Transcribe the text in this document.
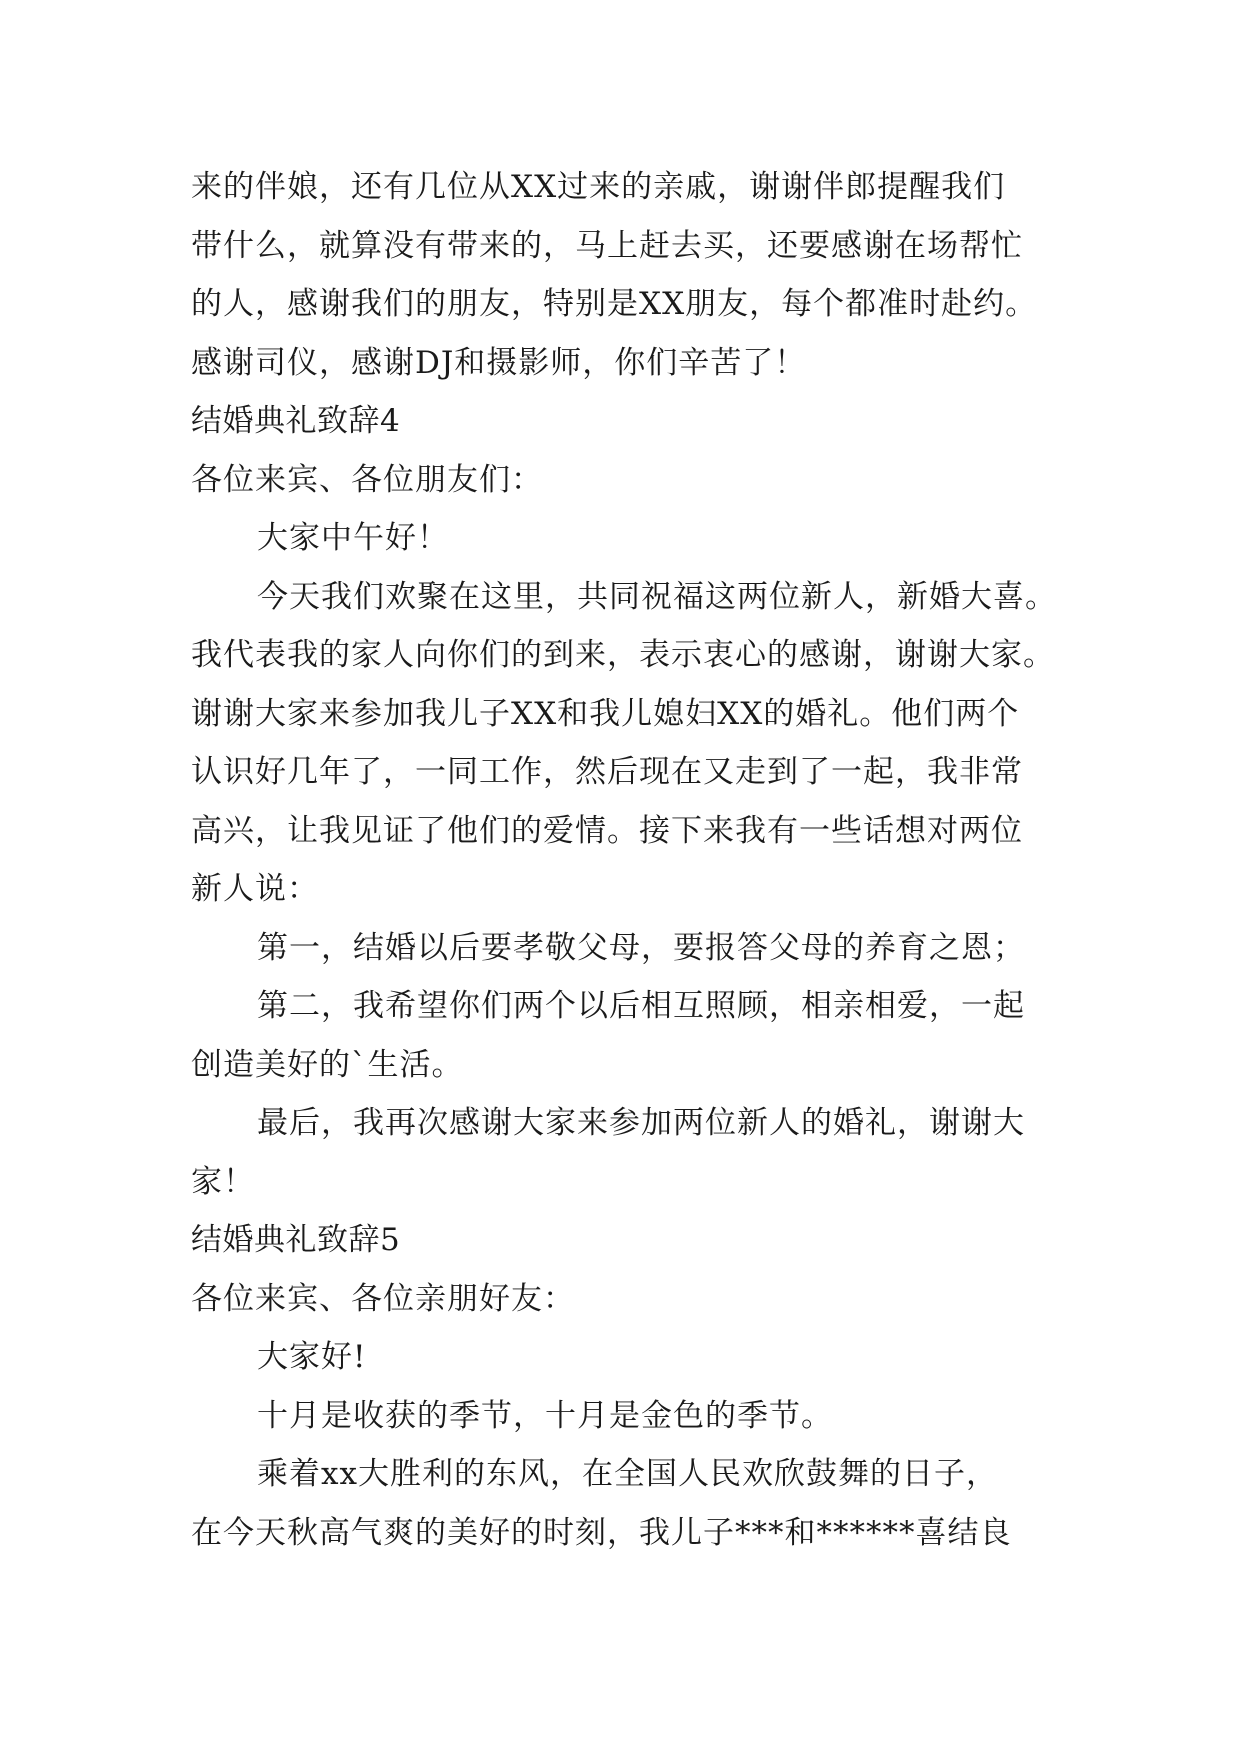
来的伴娘，还有几位从XX过来的亲戚，谢谢伴郎提醒我们
带什么，就算没有带来的，马上赶去买，还要感谢在场帮忙
的人，感谢我们的朋友，特别是XX朋友，每个都准时赴约。
感谢司仪，感谢DJ和摄影师，你们辛苦了！
结婚典礼致辞4
各位来宾、各位朋友们：
大家中午好！
今天我们欢聚在这里，共同祝福这两位新人，新婚大喜。
我代表我的家人向你们的到来，表示衷心的感谢，谢谢大家。
谢谢大家来参加我儿子XX和我儿媳妇XX的婚礼。他们两个
认识好几年了，一同工作，然后现在又走到了一起，我非常
高兴，让我见证了他们的爱情。接下来我有一些话想对两位
新人说：
第一，结婚以后要孝敬父母，要报答父母的养育之恩；
第二，我希望你们两个以后相互照顾，相亲相爱，一起
创造美好的`生活。
最后，我再次感谢大家来参加两位新人的婚礼，谢谢大
家！
结婚典礼致辞5
各位来宾、各位亲朋好友：
大家好!
十月是收获的季节，十月是金色的季节。
乘着xx大胜利的东风，在全国人民欢欣鼓舞的日子，
在今天秋高气爽的美好的时刻，我儿子***和******喜结良
